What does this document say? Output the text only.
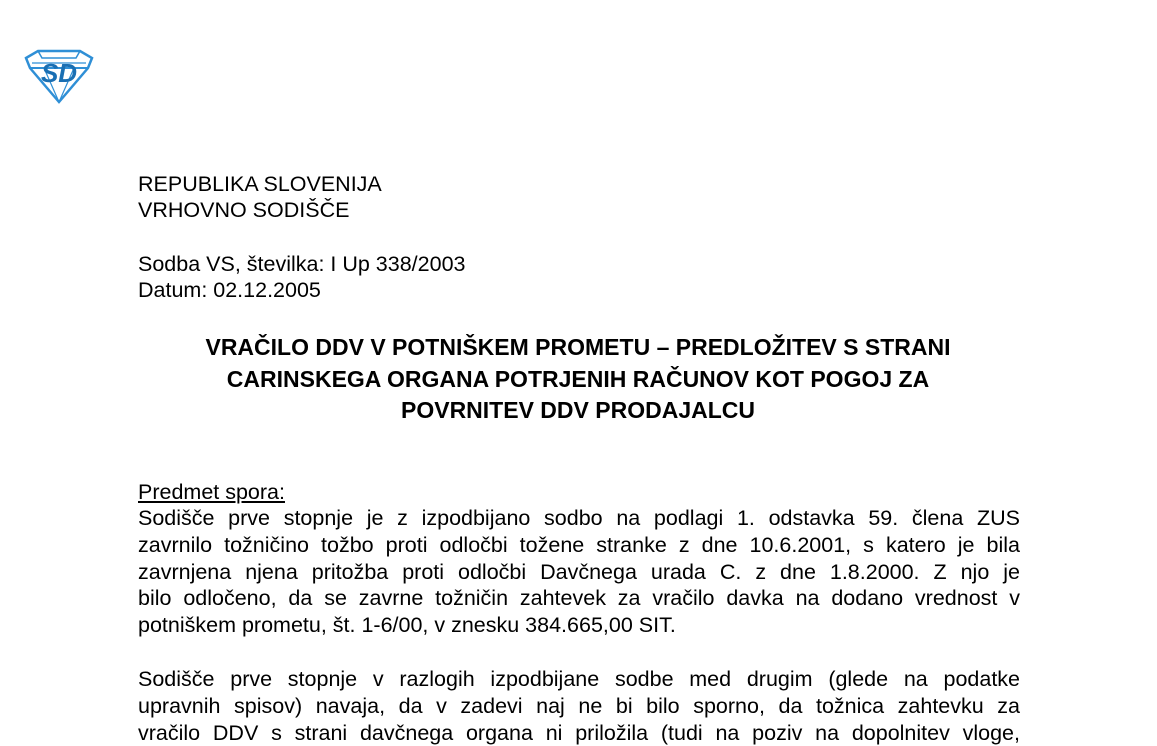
SD
REPUBLIKA SLOVENIJA
VRHOVNO SODIŠČE
Sodba VS, številka: I Up 338/2003
Datum: 02.12.2005
VRAČILO DDV V POTNIŠKEM PROMETU – PREDLOŽITEV S STRANI
CARINSKEGA ORGANA POTRJENIH RAČUNOV KOT POGOJ ZA
POVRNITEV DDV PRODAJALCU
Predmet spora:
Sodišče prve stopnje je z izpodbijano sodbo na podlagi 1. odstavka 59. člena ZUS
zavrnilo tožničino tožbo proti odločbi tožene stranke z dne 10.6.2001, s katero je bila
zavrnjena njena pritožba proti odločbi Davčnega urada C. z dne 1.8.2000. Z njo je
bilo odločeno, da se zavrne tožničin zahtevek za vračilo davka na dodano vrednost v
potniškem prometu, št. 1-6/00, v znesku 384.665,00 SIT.
Sodišče prve stopnje v razlogih izpodbijane sodbe med drugim (glede na podatke
upravnih spisov) navaja, da v zadevi naj ne bi bilo sporno, da tožnica zahtevku za
vračilo DDV s strani davčnega organa ni priložila (tudi na poziv na dopolnitev vloge,
